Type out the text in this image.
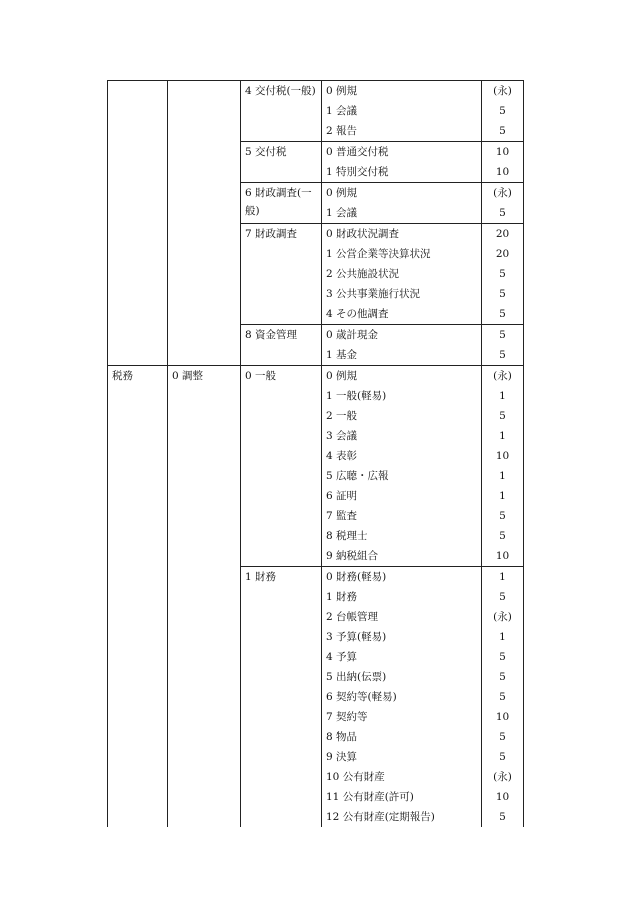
		4 交付税(一般)	0 例規	(永)
			1 会議	5
			2 報告	5
		5 交付税	0 普通交付税	10
			1 特別交付税	10
		6 財政調査(一般)	0 例規	(永)
			1 会議	5
		7 財政調査	0 財政状況調査	20
			1 公営企業等決算状況	20
			2 公共施設状況	5
			3 公共事業施行状況	5
			4 その他調査	5
		8 資金管理	0 歳計現金	5
			1 基金	5
税務	0 調整	0 一般	0 例規	(永)
			1 一般(軽易)	1
			2 一般	5
			3 会議	1
			4 表彰	10
			5 広聴・広報	1
			6 証明	1
			7 監査	5
			8 税理士	5
			9 納税組合	10
		1 財務	0 財務(軽易)	1
			1 財務	5
			2 台帳管理	(永)
			3 予算(軽易)	1
			4 予算	5
			5 出納(伝票)	5
			6 契約等(軽易)	5
			7 契約等	10
			8 物品	5
			9 決算	5
			10 公有財産	(永)
			11 公有財産(許可)	10
			12 公有財産(定期報告)	5
